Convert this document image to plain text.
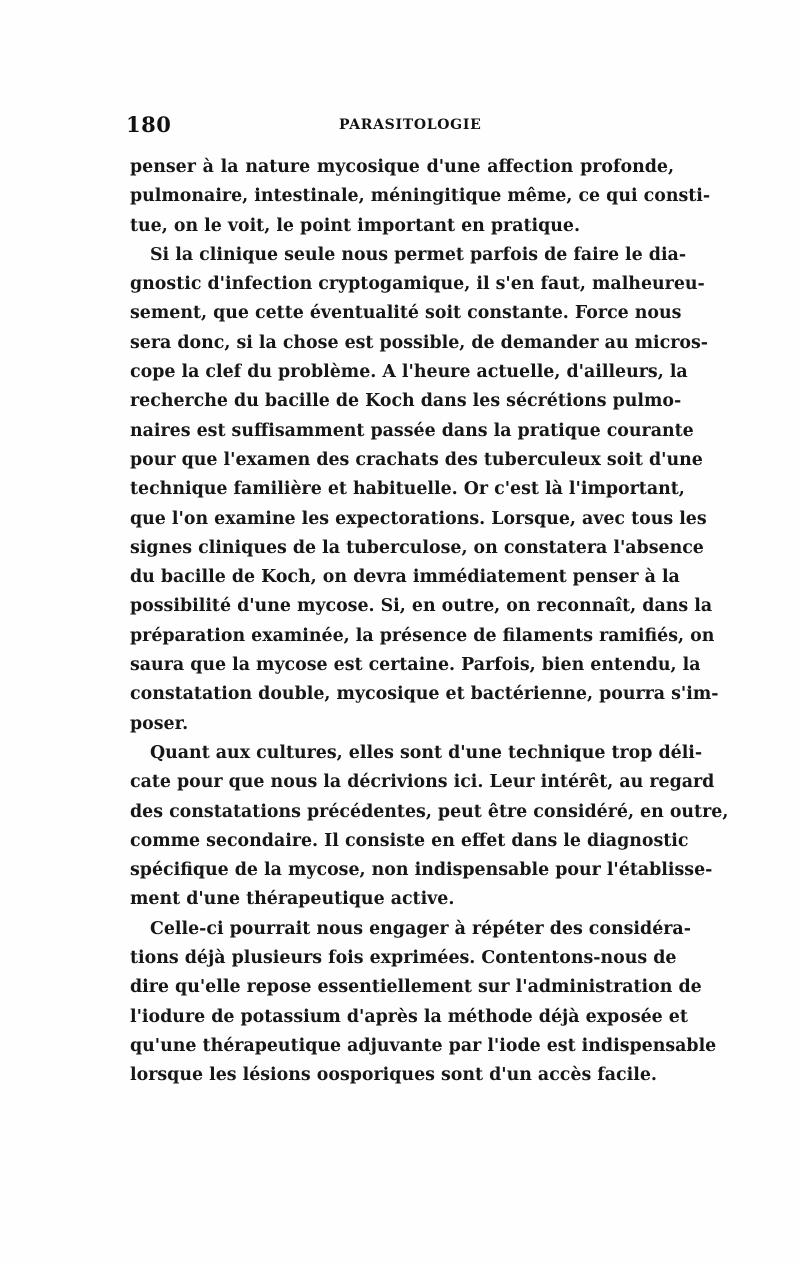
180	PARASITOLOGIE
penser à la nature mycosique d'une affection profonde,
pulmonaire, intestinale, méningitique même, ce qui consti-
tue, on le voit, le point important en pratique.
Si la clinique seule nous permet parfois de faire le dia-
gnostic d'infection cryptogamique, il s'en faut, malheureu-
sement, que cette éventualité soit constante. Force nous
sera donc, si la chose est possible, de demander au micros-
cope la clef du problème. A l'heure actuelle, d'ailleurs, la
recherche du bacille de Koch dans les sécrétions pulmo-
naires est suffisamment passée dans la pratique courante
pour que l'examen des crachats des tuberculeux soit d'une
technique familière et habituelle. Or c'est là l'important,
que l'on examine les expectorations. Lorsque, avec tous les
signes cliniques de la tuberculose, on constatera l'absence
du bacille de Koch, on devra immédiatement penser à la
possibilité d'une mycose. Si, en outre, on reconnaît, dans la
préparation examinée, la présence de filaments ramifiés, on
saura que la mycose est certaine. Parfois, bien entendu, la
constatation double, mycosique et bactérienne, pourra s'im-
poser.
Quant aux cultures, elles sont d'une technique trop déli-
cate pour que nous la décrivions ici. Leur intérêt, au regard
des constatations précédentes, peut être considéré, en outre,
comme secondaire. Il consiste en effet dans le diagnostic
spécifique de la mycose, non indispensable pour l'établisse-
ment d'une thérapeutique active.
Celle-ci pourrait nous engager à répéter des considéra-
tions déjà plusieurs fois exprimées. Contentons-nous de
dire qu'elle repose essentiellement sur l'administration de
l'iodure de potassium d'après la méthode déjà exposée et
qu'une thérapeutique adjuvante par l'iode est indispensable
lorsque les lésions oosporiques sont d'un accès facile.
